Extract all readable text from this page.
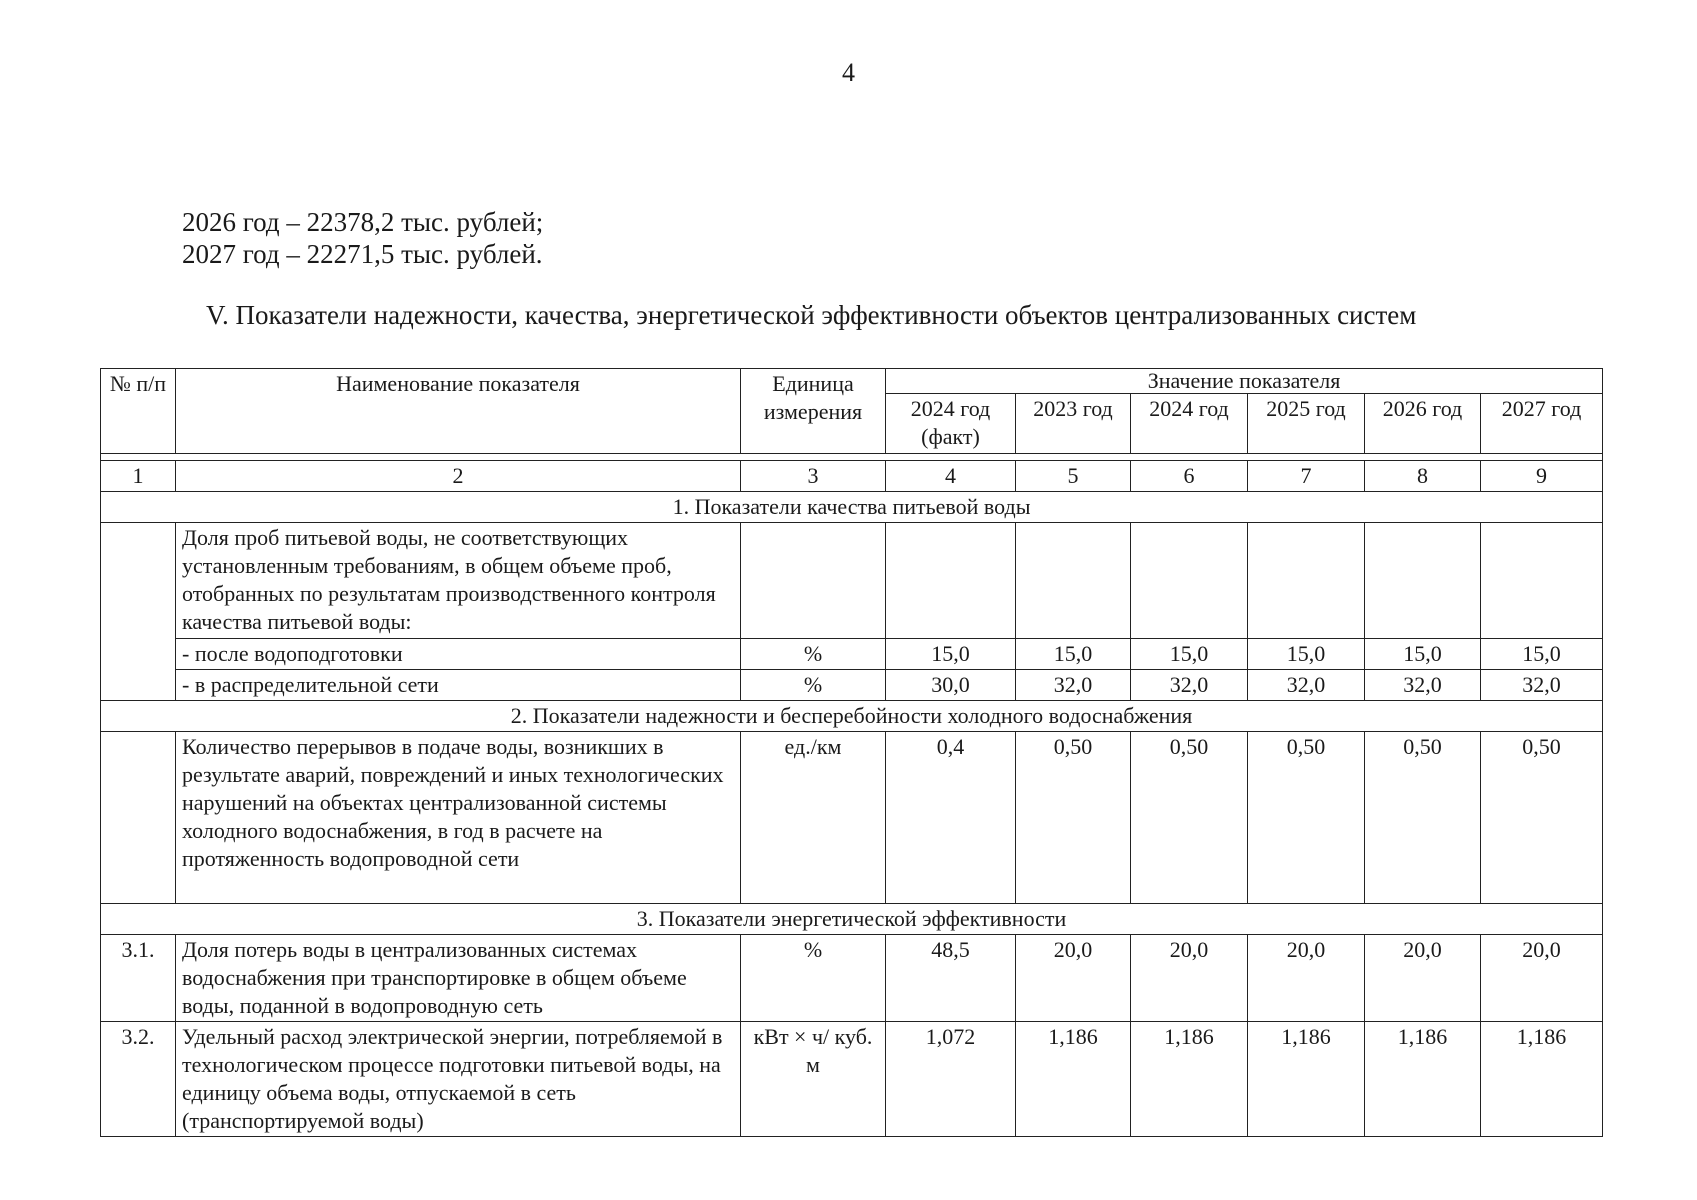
4
2026 год – 22378,2 тыс. рублей;
2027 год – 22271,5 тыс. рублей.
V. Показатели надежности, качества, энергетической эффективности объектов централизованных систем
№ п/п	Наименование показателя	Единица измерения	Значение показателя					
			2024 год (факт)	2023 год	2024 год	2025 год	2026 год	2027 год

1	2	3	4	5	6	7	8	9
1. Показатели качества питьевой воды								
	Доля проб питьевой воды, не соответствующих установленным требованиям, в общем объеме проб, отобранных по результатам производственного контроля качества питьевой воды:							
	- после водоподготовки	%	15,0	15,0	15,0	15,0	15,0	15,0
	- в распределительной сети	%	30,0	32,0	32,0	32,0	32,0	32,0
2. Показатели надежности и бесперебойности холодного водоснабжения								
	Количество перерывов в подаче воды, возникших в результате аварий, повреждений и иных технологических нарушений на объектах централизованной системы холодного водоснабжения, в год в расчете на протяженность водопроводной сети	ед./км	0,4	0,50	0,50	0,50	0,50	0,50
3. Показатели энергетической эффективности								
3.1.	Доля потерь воды в централизованных системах водоснабжения при транспортировке в общем объеме воды, поданной в водопроводную сеть	%	48,5	20,0	20,0	20,0	20,0	20,0
3.2.	Удельный расход электрической энергии, потребляемой в технологическом процессе подготовки питьевой воды, на единицу объема воды, отпускаемой в сеть (транспортируемой воды)	кВт × ч/ куб. м	1,072	1,186	1,186	1,186	1,186	1,186
